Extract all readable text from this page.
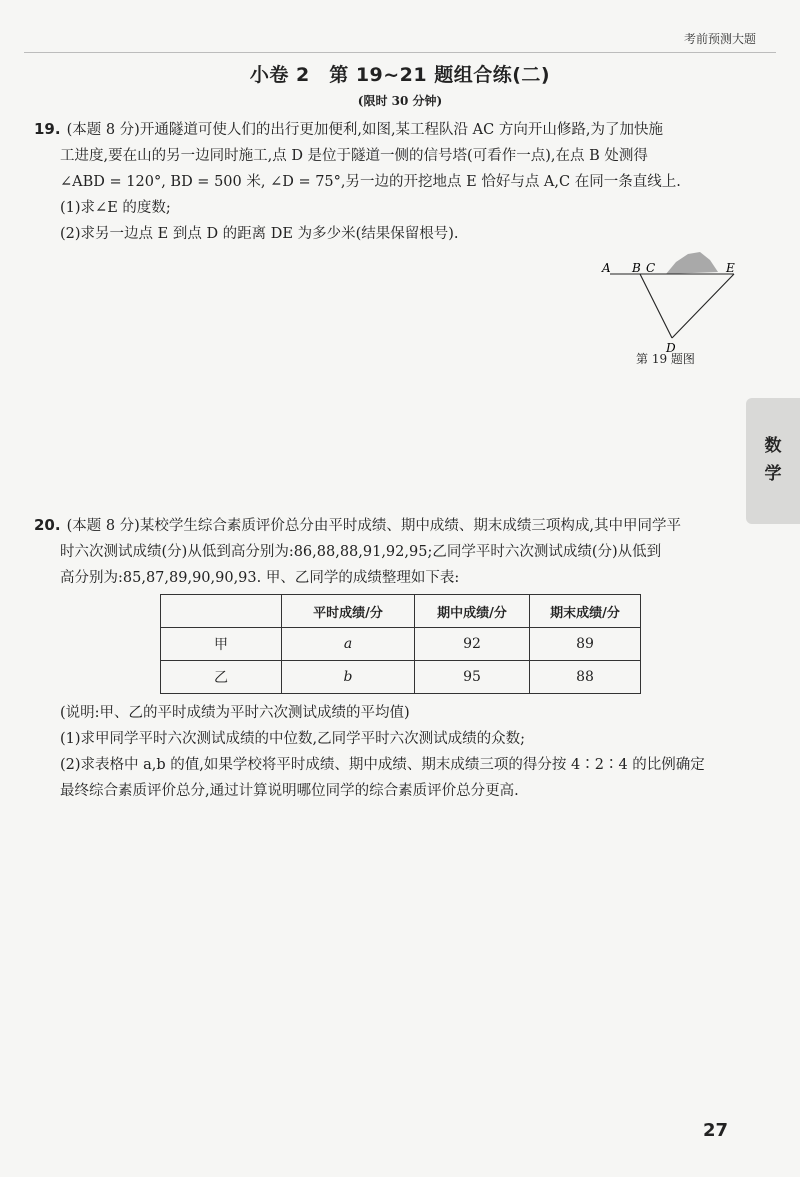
考前预测大题
小卷 2　第 19~21 题组合练(二)
(限时 30 分钟)

19. (本题 8 分)开通隧道可使人们的出行更加便利,如图,某工程队沿 AC 方向开山修路,为了加快施

工进度,要在山的另一边同时施工,点 D 是位于隧道一侧的信号塔(可看作一点),在点 B 处测得

∠ABD = 120°, BD = 500 米, ∠D = 75°,另一边的开挖地点 E 恰好与点 A,C 在同一条直线上.

(1)求∠E 的度数;

(2)求另一边点 E 到点 D 的距离 DE 为多少米(结果保留根号).

A B C	E
D
第 19 题图
数学

20. (本题 8 分)某校学生综合素质评价总分由平时成绩、期中成绩、期末成绩三项构成,其中甲同学平

时六次测试成绩(分)从低到高分别为:86,88,88,91,92,95;乙同学平时六次测试成绩(分)从低到

高分别为:85,87,89,90,90,93. 甲、乙同学的成绩整理如下表:

	平时成绩/分	期中成绩/分	期末成绩/分
甲	a	92	89
乙	b	95	88

(说明:甲、乙的平时成绩为平时六次测试成绩的平均值)

(1)求甲同学平时六次测试成绩的中位数,乙同学平时六次测试成绩的众数;

(2)求表格中 a,b 的值,如果学校将平时成绩、期中成绩、期末成绩三项的得分按 4∶2∶4 的比例确定

最终综合素质评价总分,通过计算说明哪位同学的综合素质评价总分更高.

27
